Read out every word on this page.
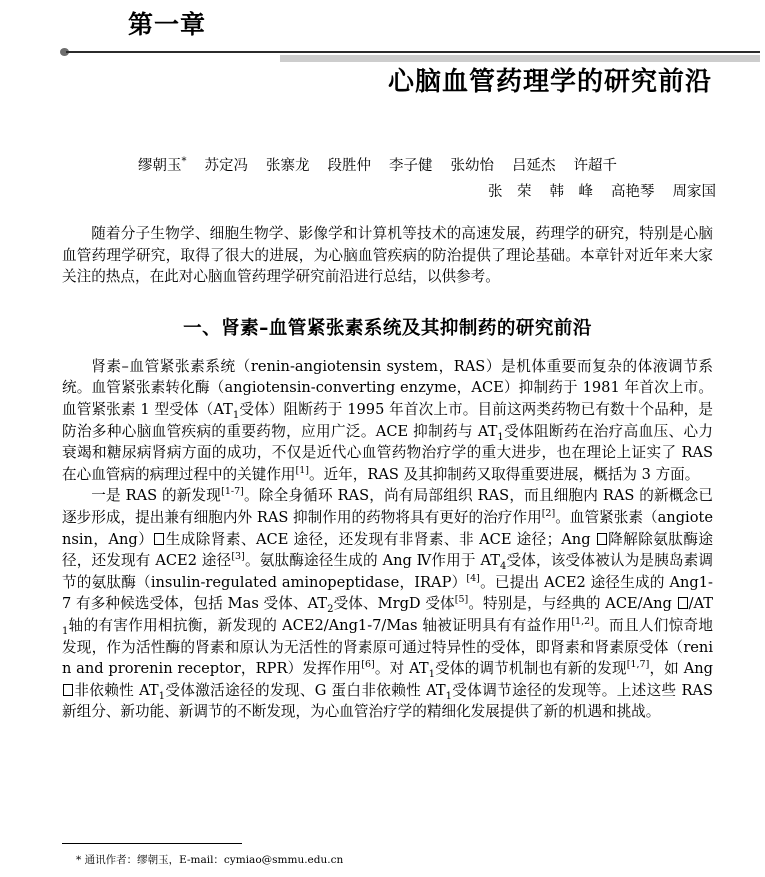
第一章
心脑血管药理学的研究前沿
缪朝玉* 苏定冯 张寨龙 段胜仲 李子健 张幼怡 吕延杰 许超千
张　荣 韩　峰 高艳琴 周家国

随着分子生物学、细胞生物学、影像学和计算机等技术的高速发展，药理学的研究，特别是心脑血管药理学研究，取得了很大的进展，为心脑血管疾病的防治提供了理论基础。本章针对近年来大家关注的热点，在此对心脑血管药理学研究前沿进行总结，以供参考。

一、肾素–血管紧张素系统及其抑制药的研究前沿

肾素–血管紧张素系统（renin-angiotensin system，RAS）是机体重要而复杂的体液调节系统。血管紧张素转化酶（angiotensin-converting enzyme，ACE）抑制药于 1981 年首次上市。血管紧张素 1 型受体（$AT_1$受体）阻断药于 1995 年首次上市。目前这两类药物已有数十个品种，是防治多种心脑血管疾病的重要药物，应用广泛。ACE 抑制药与 $AT_1$受体阻断药在治疗高血压、心力衰竭和糖尿病肾病方面的成功，不仅是近代心血管药物治疗学的重大进步，也在理论上证实了 RAS 在心血管病的病理过程中的关键作用[1]。近年，RAS 及其抑制药又取得重要进展，概括为 3 方面。

一是 RAS 的新发现[1-7]。除全身循环 RAS，尚有局部组织 RAS，而且细胞内 RAS 的新概念已逐步形成，提出兼有细胞内外 RAS 抑制作用的药物将具有更好的治疗作用[2]。血管紧张素（angiotensin，Ang） 生成除肾素、ACE 途径，还发现有非肾素、非 ACE 途径；Ang 降解除氨肽酶途径，还发现有 ACE2 途径[3]。氨肽酶途径生成的 Ang Ⅳ作用于 $AT_4$受体，该受体被认为是胰岛素调节的氨肽酶（insulin-regulated aminopeptidase，IRAP）[4]。已提出 ACE2 途径生成的 Ang1-7 有多种候选受体，包括 Mas 受体、$AT_2$受体、MrgD 受体[5]。特别是，与经典的 ACE/Ang $/AT_1$轴的有害作用相抗衡，新发现的 ACE2/Ang1-7/Mas 轴被证明具有有益作用[1,2]。而且人们惊奇地发现，作为活性酶的肾素和原认为无活性的肾素原可通过特异性的受体，即肾素和肾素原受体（renin and prorenin receptor，RPR）发挥作用[6]。对 $AT_1$受体的调节机制也有新的发现[1,7]，如 Ang 非依赖性 $AT_1$受体激活途径的发现、G 蛋白非依赖性 $AT_1$受体调节途径的发现等。上述这些 RAS 新组分、新功能、新调节的不断发现，为心血管治疗学的精细化发展提供了新的机遇和挑战。

* 通讯作者：缪朝玉，E-mail：cymiao@smmu.edu.cn
